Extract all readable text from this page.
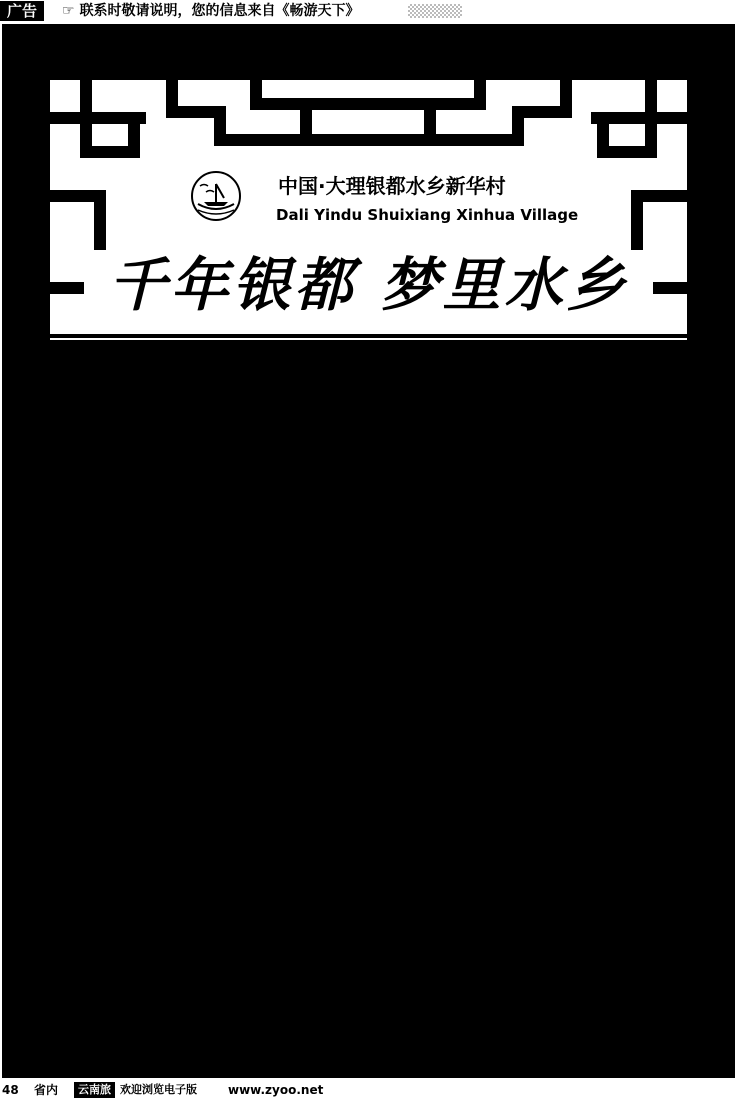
广告	☞ 联系时敬请说明，您的信息来自《畅游天下》
中国·大理银都水乡新华村
Dali Yindu Shuixiang Xinhua Village
千年银都 梦里水乡

银都水乡新华村是依原生态自然村落建成的国家AAAA级旅游景区。新华村原名石寨子，坐落于大理州西北部，处于大理至香格里拉黄金旅游线上，距大理古城126公里，离新近开通的大丽铁路仅8公里，与丽江古城相距38公里，到丽江国际机场仅12公里。交通十分便利。

银都水乡新华村，是一个典型的白族聚居村落，白族人口占98%，早在唐代南诏国时期，石寨子匠人就开始从事金银铜等手工艺品的加工制作，世代相传，延续至今。沿着这小锤敲过千年的痕迹，历史蕴育了誉满海内外的“鹤川匠人”。

独具特色、精美绝伦的新华银铜器手工艺制品，沿着茶马古道之路深入西藏、甘肃远涉印度、尼泊尔等地，其手工艺精品不仅具有较高的艺术鉴赏价值，还具有历史文化价值，因此新华村成为东南亚最

大的手工艺旅游商品集散地，成为世界手工艺文化遗产的传承故园，也成为了世界闻名遐迩的银都。“新华石寨子银器”成为全国著名的银器手工艺品牌。

银都水乡新华村，万亩草海湿地，百鸟齐飞；十里荷塘飘香、千里芦苇扬花。极其丰富的地下水资源全国罕见，家家户户甘泉喷涌，鹤厚清澈、四季涌动，洗尽凡尘从不干涸，素有“泉潭之乡”的美誉。别具特色的风景吸引了大批中外游客到此观光游览，成为云南省旅游二次创业的首批国家AAAA级精品旅游景区。

新华村因其悠久的手工艺文化、优美的田园风光及丰富的地下水资源，2000年被国家文化部和中国村社发展促进会命名为“中国民间艺术之乡”、“中国民俗文化村”，2006年评为“云南十大名镇” 称号。

依托银都水乡新华村一脉相传的银器文化与得天独厚的自然风光，景区现已发展为集旅游观光、休闲度假、康体养生为一体的多功能旅游景区。

景区咨询电话：0872-4138347
传真：0872-4139546
丽江办事处：0888-3108578
昆明办事处：0871-3153016
联系人：段小姐13577854559
48 省内	云南旅 欢迎浏览电子版	www.zyoo.net
